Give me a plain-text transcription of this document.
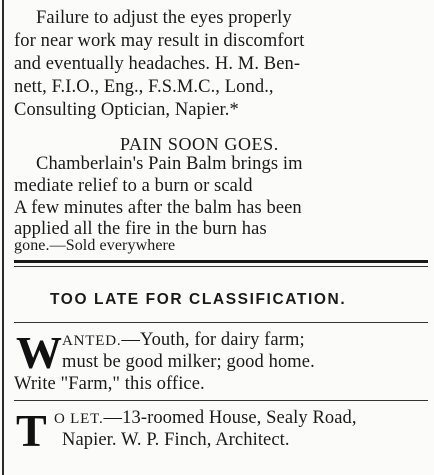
Failure to adjust the eyes properly
for near work may result in discomfort
and eventually headaches. H. M. Ben-
nett, F.I.O., Eng., F.S.M.C., Lond.,
Consulting Optician, Napier.*
PAIN SOON GOES.
Chamberlain's Pain Balm brings im
mediate relief to a burn or scald
A few minutes after the balm has been
applied all the fire in the burn has
gone.—Sold everywhere
TOO LATE FOR CLASSIFICATION.
W ANTED.—Youth, for dairy farm;
must be good milker; good home.
Write "Farm," this office.
T O LET.—13-roomed House, Sealy Road,
Napier. W. P. Finch, Architect.
